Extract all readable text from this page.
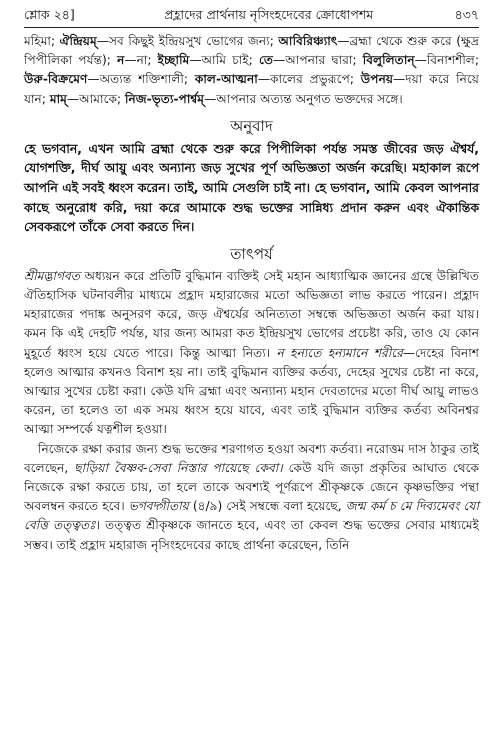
শ্লোক ২৪]	প্রহ্লাদের প্রার্থনায় নৃসিংহদেবের ক্রোধোপশম	৪৩৭

মহিমা; ঐন্দ্রিয়ম্—সব কিছুই ইন্দ্রিয়সুখ ভোগের জন্য; আবিরিঞ্চ্যাৎ—ব্রহ্মা থেকে শুরু করে (ক্ষুদ্র পিপীলিকা পর্যন্ত); ন—না; ইচ্ছামি—আমি চাই; তে—আপনার দ্বারা; বিলুলিতান্—বিনাশশীল; উরু-বিক্রমেণ—অত্যন্ত শক্তিশালী; কাল-আত্মনা—কালের প্রভুরূপে; উপনয়—দয়া করে নিয়ে যান; মাম্—আমাকে; নিজ-ভৃত্য-পার্শ্বম্—আপনার অত্যন্ত অনুগত ভক্তদের সঙ্গে।

অনুবাদ

হে ভগবান, এখন আমি ব্রহ্মা থেকে শুরু করে পিপীলিকা পর্যন্ত সমস্ত জীবের জড় ঐশ্বর্য, যোগশক্তি, দীর্ঘ আয়ু এবং অন্যান্য জড় সুখের পূর্ণ অভিজ্ঞতা অর্জন করেছি। মহাকাল রূপে আপনি এই সবই ধ্বংস করেন। তাই, আমি সেগুলি চাই না। হে ভগবান, আমি কেবল আপনার কাছে অনুরোধ করি, দয়া করে আমাকে শুদ্ধ ভক্তের সান্নিধ্য প্রদান করুন এবং ঐকান্তিক সেবকরূপে তাঁকে সেবা করতে দিন।

তাৎপর্য

শ্রীমদ্ভাগবত অধ্যয়ন করে প্রতিটি বুদ্ধিমান ব্যক্তিই সেই মহান আধ্যাত্মিক জ্ঞানের গ্রন্থে উল্লিখিত ঐতিহাসিক ঘটনাবলীর মাধ্যমে প্রহ্লাদ মহারাজের মতো অভিজ্ঞতা লাভ করতে পারেন। প্রহ্লাদ মহারাজের পদাঙ্ক অনুসরণ করে, জড় ঐশ্বর্যের অনিত্যতা সম্বন্ধে অভিজ্ঞতা অর্জন করা যায়। কমন কি এই দেহটি পর্যন্ত, যার জন্য আমরা কত ইন্দ্রিয়সুখ ভোগের প্রচেষ্টা করি, তাও যে কোন মুহূর্তে ধ্বংস হয়ে যেতে পারে। কিন্তু আত্মা নিত্য। ন হন্যতে হন্যমানে শরীরে—দেহের বিনাশ হলেও আত্মার কখনও বিনাশ হয় না। তাই বুদ্ধিমান ব্যক্তির কর্তব্য, দেহের সুখের চেষ্টা না করে, আত্মার সুখের চেষ্টা করা। কেউ যদি ব্রহ্মা এবং অন্যান্য মহান দেবতাদের মতো দীর্ঘ আয়ু লাভও করেন, তা হলেও তা এক সময় ধ্বংস হয়ে যাবে, এবং তাই বুদ্ধিমান ব্যক্তির কর্তব্য অবিনশ্বর আত্মা সম্পর্কে যত্নশীল হওয়া।

নিজেকে রক্ষা করার জন্য শুদ্ধ ভক্তের শরণাগত হওয়া অবশ্য কর্তব্য। নরোত্তম দাস ঠাকুর তাই বলেছেন, ছাড়িয়া বৈষ্ণব-সেবা নিস্তার পায়েছে কেবা। কেউ যদি জড়া প্রকৃতির আঘাত থেকে নিজেকে রক্ষা করতে চায়, তা হলে তাকে অবশ্যই পূর্ণরূপে শ্রীকৃষ্ণকে জেনে কৃষ্ণভক্তির পন্থা অবলম্বন করতে হবে। ভগবদ্গীতায় (৪/৯) সেই সম্বন্ধে বলা হয়েছে, জন্ম কর্ম চ মে দিব্যমেবং যো বেত্তি তত্ত্বতঃ। তত্ত্বত শ্রীকৃষ্ণকে জানতে হবে, এবং তা কেবল শুদ্ধ ভক্তের সেবার মাধ্যমেই সম্ভব। তাই প্রহ্লাদ মহারাজ নৃসিংহদেবের কাছে প্রার্থনা করেছেন, তিনি
